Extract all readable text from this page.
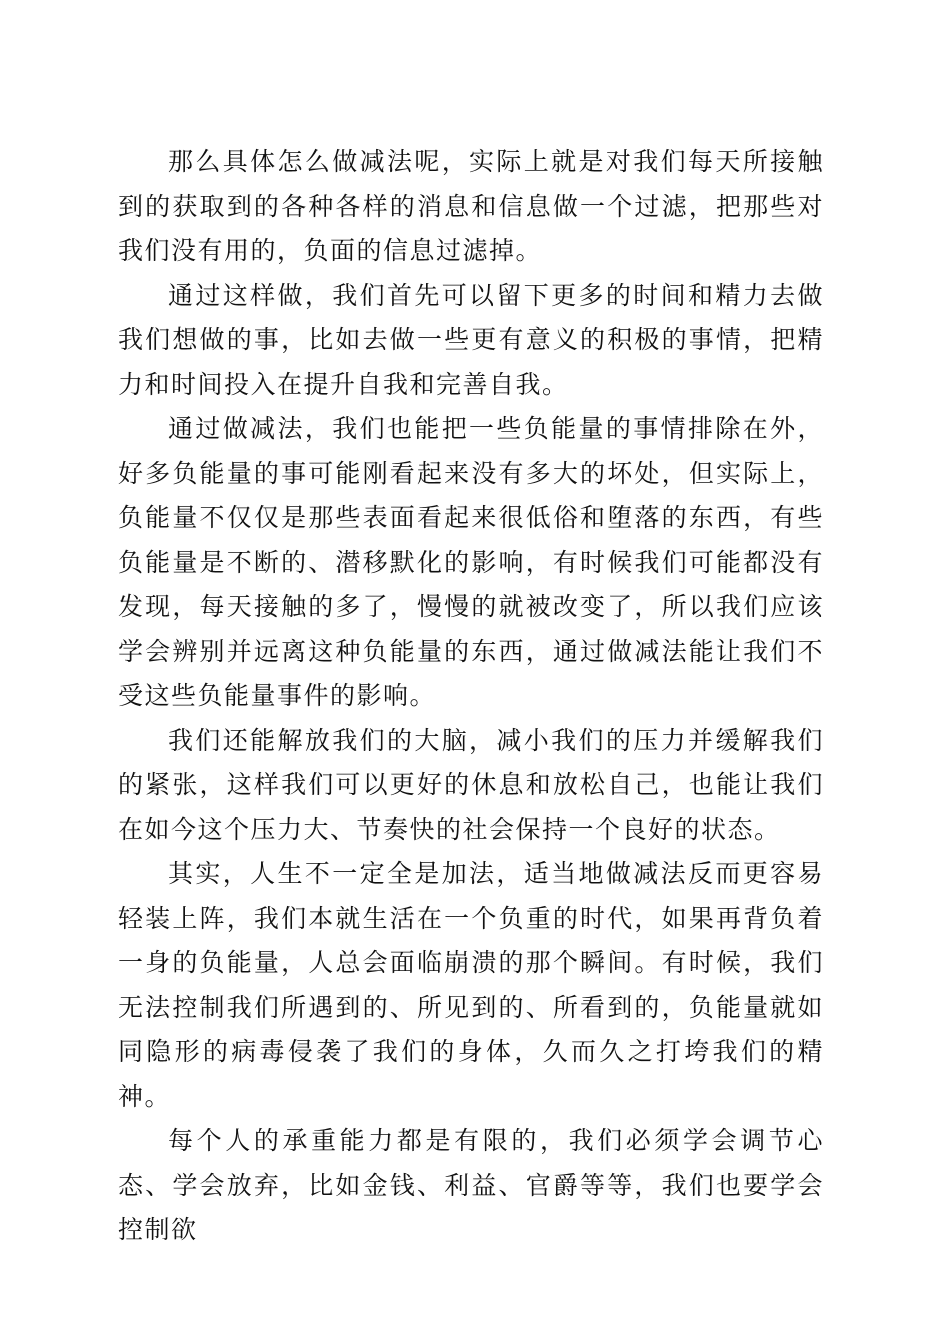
那么具体怎么做减法呢，实际上就是对我们每天所接触到的获取到的各种各样的消息和信息做一个过滤，把那些对我们没有用的，负面的信息过滤掉。

通过这样做，我们首先可以留下更多的时间和精力去做我们想做的事，比如去做一些更有意义的积极的事情，把精力和时间投入在提升自我和完善自我。

通过做减法，我们也能把一些负能量的事情排除在外，好多负能量的事可能刚看起来没有多大的坏处，但实际上，负能量不仅仅是那些表面看起来很低俗和堕落的东西，有些负能量是不断的、潜移默化的影响，有时候我们可能都没有发现，每天接触的多了，慢慢的就被改变了，所以我们应该学会辨别并远离这种负能量的东西，通过做减法能让我们不受这些负能量事件的影响。

我们还能解放我们的大脑，减小我们的压力并缓解我们的紧张，这样我们可以更好的休息和放松自己，也能让我们在如今这个压力大、节奏快的社会保持一个良好的状态。

其实，人生不一定全是加法，适当地做减法反而更容易轻装上阵，我们本就生活在一个负重的时代，如果再背负着一身的负能量，人总会面临崩溃的那个瞬间。有时候，我们无法控制我们所遇到的、所见到的、所看到的，负能量就如同隐形的病毒侵袭了我们的身体，久而久之打垮我们的精神。

每个人的承重能力都是有限的，我们必须学会调节心态、学会放弃，比如金钱、利益、官爵等等，我们也要学会控制欲
